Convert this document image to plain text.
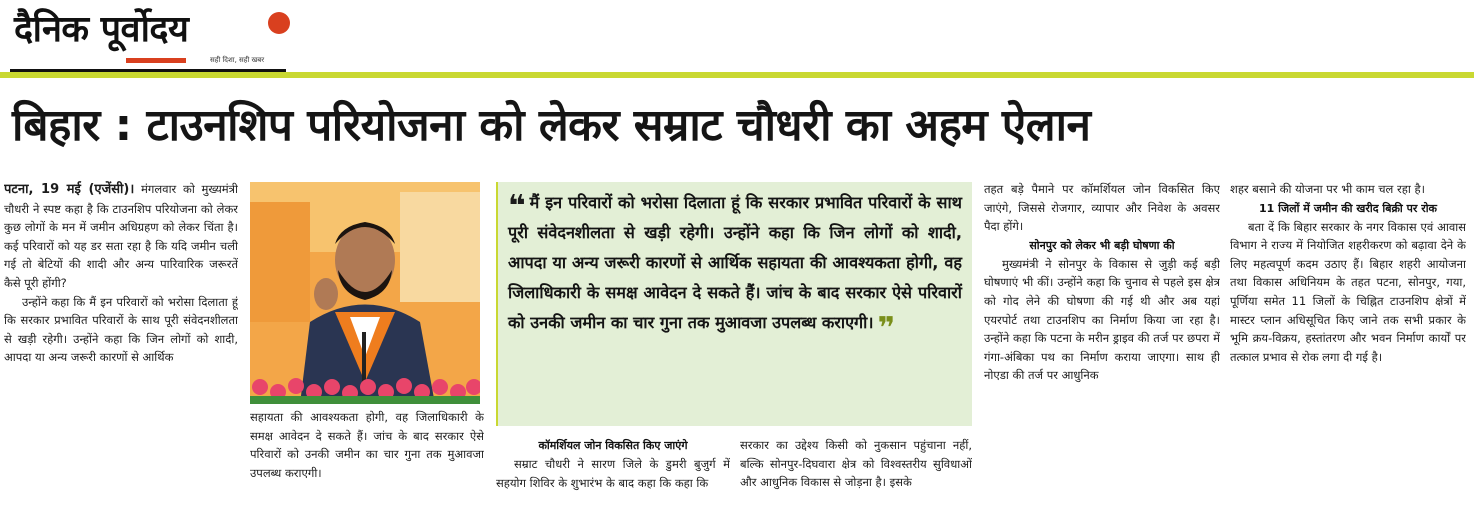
दैनिक पूर्वोदय
सही दिशा, सही खबर
बिहार : टाउनशिप परियोजना को लेकर सम्राट चौधरी का अहम ऐलान

पटना, 19 मई (एजेंसी)। मंगलवार को मुख्यमंत्री चौधरी ने स्पष्ट कहा है कि टाउनशिप परियोजना को लेकर कुछ लोगों के मन में जमीन अधिग्रहण को लेकर चिंता है। कई परिवारों को यह डर सता रहा है कि यदि जमीन चली गई तो बेटियों की शादी और अन्य पारिवारिक जरूरतें कैसे पूरी होंगी?

उन्होंने कहा कि मैं इन परिवारों को भरोसा दिलाता हूं कि सरकार प्रभावित परिवारों के साथ पूरी संवेदनशीलता से खड़ी रहेगी। उन्होंने कहा कि जिन लोगों को शादी, आपदा या अन्य जरूरी कारणों से आर्थिक

सहायता की आवश्यकता होगी, वह जिलाधिकारी के समक्ष आवेदन दे सकते हैं। जांच के बाद सरकार ऐसे परिवारों को उनकी जमीन का चार गुना तक मुआवजा उपलब्ध कराएगी।

❝ मैं इन परिवारों को भरोसा दिलाता हूं कि सरकार प्रभावित परिवारों के साथ पूरी संवेदनशीलता से खड़ी रहेगी। उन्होंने कहा कि जिन लोगों को शादी, आपदा या अन्य जरूरी कारणों से आर्थिक सहायता की आवश्यकता होगी, वह जिलाधिकारी के समक्ष आवेदन दे सकते हैं। जांच के बाद सरकार ऐसे परिवारों को उनकी जमीन का चार गुना तक मुआवजा उपलब्ध कराएगी। ❞
कॉमर्शियल जोन विकसित किए जाएंगे

सम्राट चौधरी ने सारण जिले के डुमरी बुजुर्ग में सहयोग शिविर के शुभारंभ के बाद कहा कि कहा कि

सरकार का उद्देश्य किसी को नुकसान पहुंचाना नहीं, बल्कि सोनपुर-दिघवारा क्षेत्र को विश्वस्तरीय सुविधाओं और आधुनिक विकास से जोड़ना है। इसके

तहत बड़े पैमाने पर कॉमर्शियल जोन विकसित किए जाएंगे, जिससे रोजगार, व्यापार और निवेश के अवसर पैदा होंगे।

सोनपुर को लेकर भी बड़ी घोषणा की

मुख्यमंत्री ने सोनपुर के विकास से जुड़ी कई बड़ी घोषणाएं भी कीं। उन्होंने कहा कि चुनाव से पहले इस क्षेत्र को गोद लेने की घोषणा की गई थी और अब यहां एयरपोर्ट तथा टाउनशिप का निर्माण किया जा रहा है। उन्होंने कहा कि पटना के मरीन ड्राइव की तर्ज पर छपरा में गंगा-अंबिका पथ का निर्माण कराया जाएगा। साथ ही नोएडा की तर्ज पर आधुनिक

शहर बसाने की योजना पर भी काम चल रहा है।

11 जिलों में जमीन की खरीद बिक्री पर रोक

बता दें कि बिहार सरकार के नगर विकास एवं आवास विभाग ने राज्य में नियोजित शहरीकरण को बढ़ावा देने के लिए महत्वपूर्ण कदम उठाए हैं। बिहार शहरी आयोजना तथा विकास अधिनियम के तहत पटना, सोनपुर, गया, पूर्णिया समेत 11 जिलों के चिह्नित टाउनशिप क्षेत्रों में मास्टर प्लान अधिसूचित किए जाने तक सभी प्रकार के भूमि क्रय-विक्रय, हस्तांतरण और भवन निर्माण कार्यों पर तत्काल प्रभाव से रोक लगा दी गई है।
